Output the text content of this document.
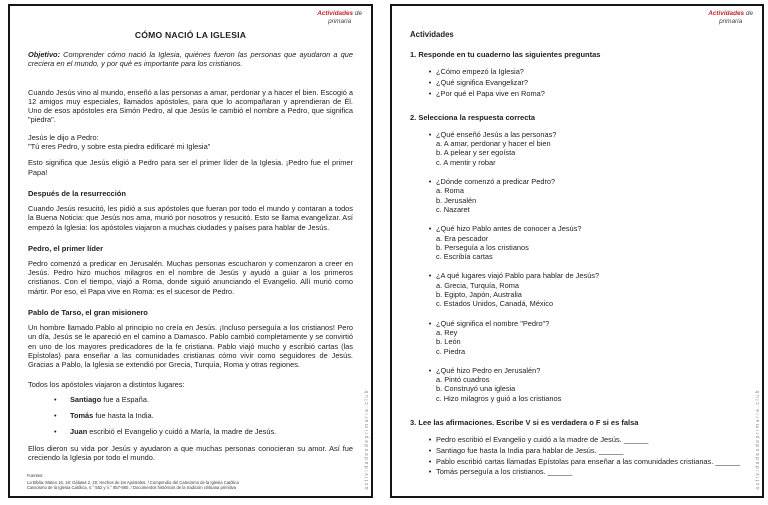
Actividades de
primaria
CÓMO NACIÓ LA IGLESIA

Objetivo: Comprender cómo nació la Iglesia, quiénes fueron las personas que ayudaron a que creciera en el mundo, y por qué es importante para los cristianos.

Cuando Jesús vino al mundo, enseñó a las personas a amar, perdonar y a hacer el bien. Escogió a 12 amigos muy especiales, llamados apóstoles, para que lo acompañaran y aprendieran de Él. Uno de esos apóstoles era Simón Pedro, al que Jesús le cambió el nombre a Pedro, que significa "piedra".

Jesús le dijo a Pedro:
"Tú eres Pedro, y sobre esta piedra edificaré mi Iglesia"

Esto significa que Jesús eligió a Pedro para ser el primer líder de la Iglesia. ¡Pedro fue el primer Papa!

Después de la resurrección

Cuando Jesús resucitó, les pidió a sus apóstoles que fueran por todo el mundo y contaran a todos la Buena Noticia: que Jesús nos ama, murió por nosotros y resucitó. Esto se llama evangelizar. Así empezó la Iglesia: los apóstoles viajaron a muchas ciudades y países para hablar de Jesús.

Pedro, el primer líder

Pedro comenzó a predicar en Jerusalén. Muchas personas escucharon y comenzaron a creer en Jesús. Pedro hizo muchos milagros en el nombre de Jesús y ayudó a guiar a los primeros cristianos. Con el tiempo, viajó a Roma, donde siguió anunciando el Evangelio. Allí murió como mártir. Por eso, el Papa vive en Roma: es el sucesor de Pedro.

Pablo de Tarso, el gran misionero

Un hombre llamado Pablo al principio no creía en Jesús. ¡Incluso perseguía a los cristianos! Pero un día, Jesús se le apareció en el camino a Damasco. Pablo cambió completamente y se convirtió en uno de los mayores predicadores de la fe cristiana. Pablo viajó mucho y escribió cartas (las Epístolas) para enseñar a las comunidades cristianas cómo vivir como seguidores de Jesús. Gracias a Pablo, la Iglesia se extendió por Grecia, Turquía, Roma y otras regiones.

Todos los apóstoles viajaron a distintos lugares:

•	Santiago fue a España.
•	Tomás fue hasta la India.
•	Juan escribió el Evangelio y cuidó a María, la madre de Jesús.

Ellos dieron su vida por Jesús y ayudaron a que muchas personas conocieran su amor. Así fue creciendo la Iglesia por todo el mundo.

Fuentes:
La Biblia: Mateo 16, 18; Gálatas 2, 20; Hechos de los Apóstoles. / Compendio del Catecismo de la Iglesia Católica
Catecismo de la Iglesia Católica, n.° 552 y n.° 857-860. / Documentos históricos de la tradición cristiana primitiva	actividadesdeprimaria.club
Actividades de
primaria
Actividades
1. Responde en tu cuaderno las siguientes preguntas
• ¿Cómo empezó la Iglesia?
• ¿Qué significa Evangelizar?
• ¿Por qué el Papa vive en Roma?
2. Selecciona la respuesta correcta
• ¿Qué enseñó Jesús a las personas?
a. A amar, perdonar y hacer el bien
b. A pelear y ser egoísta
c. A mentir y robar
• ¿Dónde comenzó a predicar Pedro?
a. Roma
b. Jerusalén
c. Nazaret
• ¿Qué hizo Pablo antes de conocer a Jesús?
a. Era pescador
b. Perseguía a los cristianos
c. Escribía cartas
• ¿A qué lugares viajó Pablo para hablar de Jesús?
a. Grecia, Turquía, Roma
b. Egipto, Japón, Australia
c. Estados Unidos, Canadá, México
• ¿Qué significa el nombre "Pedro"?
a. Rey
b. León
c. Piedra
• ¿Qué hizo Pedro en Jerusalén?
a. Pintó cuadros
b. Construyó una iglesia
c. Hizo milagros y guió a los cristianos
3. Lee las afirmaciones. Escribe V si es verdadera o F si es falsa
• Pedro escribió el Evangelio y cuidó a la madre de Jesús. ______
• Santiago fue hasta la India para hablar de Jesús. ______
• Pablo escribió cartas llamadas Epístolas para enseñar a las comunidades cristianas. ______
• Tomás perseguía a los cristianos. ______	actividadesdeprimaria.club
